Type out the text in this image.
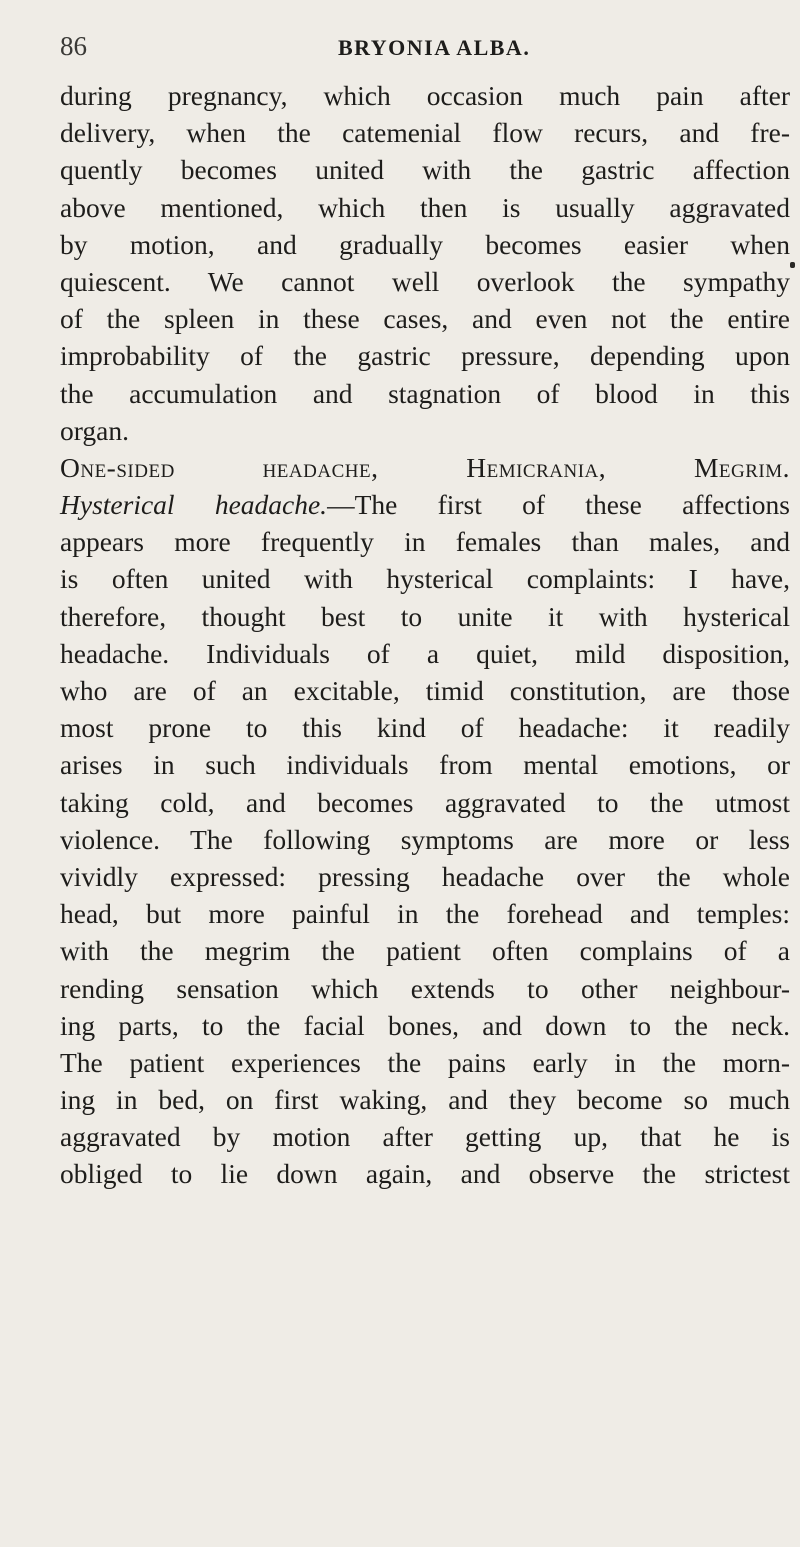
86	BRYONIA ALBA.
during pregnancy, which occasion much pain after
delivery, when the catemenial flow recurs, and fre-
quently becomes united with the gastric affection
above mentioned, which then is usually aggravated
by motion, and gradually becomes easier when
quiescent. We cannot well overlook the sympathy
of the spleen in these cases, and even not the entire
improbability of the gastric pressure, depending upon
the accumulation and stagnation of blood in this
organ.
One-sided headache, Hemicrania, Megrim.
Hysterical headache.—The first of these affections
appears more frequently in females than males, and
is often united with hysterical complaints: I have,
therefore, thought best to unite it with hysterical
headache. Individuals of a quiet, mild disposition,
who are of an excitable, timid constitution, are those
most prone to this kind of headache: it readily
arises in such individuals from mental emotions, or
taking cold, and becomes aggravated to the utmost
violence. The following symptoms are more or less
vividly expressed: pressing headache over the whole
head, but more painful in the forehead and temples:
with the megrim the patient often complains of a
rending sensation which extends to other neighbour-
ing parts, to the facial bones, and down to the neck.
The patient experiences the pains early in the morn-
ing in bed, on first waking, and they become so much
aggravated by motion after getting up, that he is
obliged to lie down again, and observe the strictest
